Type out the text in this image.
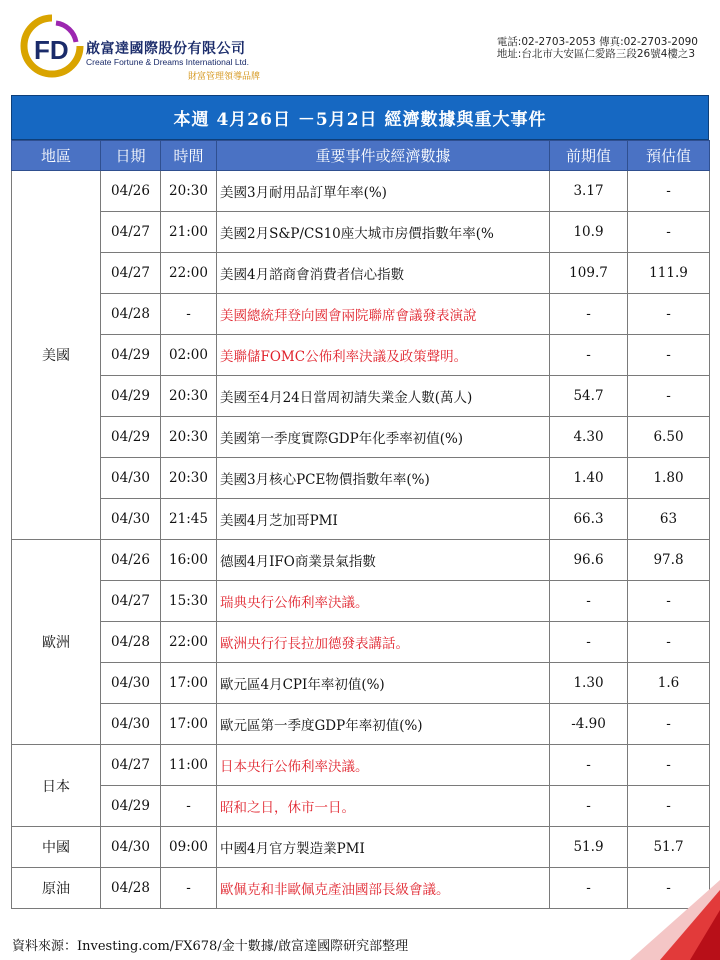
FD 啟富達國際股份有限公司
Create Fortune & Dreams International Ltd.
財富管理領導品牌
電話:02-2703-2053 傳真:02-2703-2090
地址:台北市大安區仁愛路三段26號4樓之3
本週 4月26日 －5月2日 經濟數據與重大事件
地區	日期	時間	重要事件或經濟數據	前期值	預估值
美國	04/26	20:30	美國3月耐用品訂單年率(%)	3.17	-
	04/27	21:00	美國2月S&P/CS10座大城市房價指數年率(%	10.9	-
	04/27	22:00	美國4月諮商會消費者信心指數	109.7	111.9
	04/28	-	美國總統拜登向國會兩院聯席會議發表演說	-	-
	04/29	02:00	美聯儲FOMC公佈利率決議及政策聲明。	-	-
	04/29	20:30	美國至4月24日當周初請失業金人數(萬人)	54.7	-
	04/29	20:30	美國第一季度實際GDP年化季率初值(%)	4.30	6.50
	04/30	20:30	美國3月核心PCE物價指數年率(%)	1.40	1.80
	04/30	21:45	美國4月芝加哥PMI	66.3	63
歐洲	04/26	16:00	德國4月IFO商業景氣指數	96.6	97.8
	04/27	15:30	瑞典央行公佈利率決議。	-	-
	04/28	22:00	歐洲央行行長拉加德發表講話。	-	-
	04/30	17:00	歐元區4月CPI年率初值(%)	1.30	1.6
	04/30	17:00	歐元區第一季度GDP年率初值(%)	-4.90	-
日本	04/27	11:00	日本央行公佈利率決議。	-	-
	04/29	-	昭和之日，休市一日。	-	-
中國	04/30	09:00	中國4月官方製造業PMI	51.9	51.7
原油	04/28	-	歐佩克和非歐佩克產油國部長級會議。	-	-
資料來源：Investing.com/FX678/金十數據/啟富達國際研究部整理
